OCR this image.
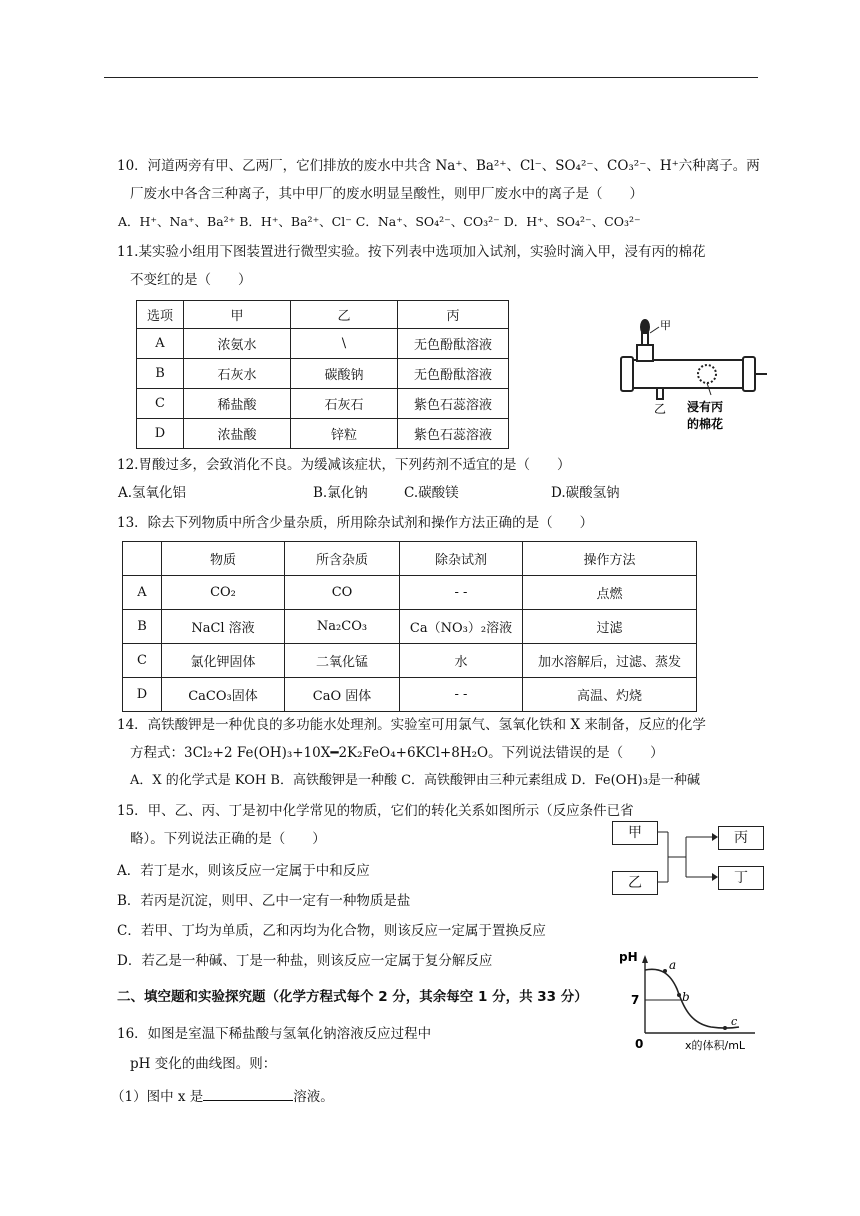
10．河道两旁有甲、乙两厂，它们排放的废水中共含 Na⁺、Ba²⁺、Cl⁻、SO₄²⁻、CO₃²⁻、H⁺六种离子。两
厂废水中各含三种离子，其中甲厂的废水明显呈酸性，则甲厂废水中的离子是（　　）
A．H⁺、Na⁺、Ba²⁺ B．H⁺、Ba²⁺、Cl⁻ C．Na⁺、SO₄²⁻、CO₃²⁻ D．H⁺、SO₄²⁻、CO₃²⁻
11.某实验小组用下图装置进行微型实验。按下列表中选项加入试剂，实验时滴入甲，浸有丙的棉花
不变红的是（　　）
选项	甲	乙	丙
A	浓氨水	\	无色酚酞溶液
B	石灰水	碳酸钠	无色酚酞溶液
C	稀盐酸	石灰石	紫色石蕊溶液
D	浓盐酸	锌粒	紫色石蕊溶液
甲
乙 浸有丙
的棉花
12.胃酸过多，会致消化不良。为缓减该症状，下列药剂不适宜的是（　　）
A.氢氧化铝	B.氯化钠	C.碳酸镁	D.碳酸氢钠
13．除去下列物质中所含少量杂质，所用除杂试剂和操作方法正确的是（　　）
	物质	所含杂质	除杂试剂	操作方法
A	CO₂	CO	- -	点燃
B	NaCl 溶液	Na₂CO₃	Ca（NO₃）₂溶液	过滤
C	氯化钾固体	二氧化锰	水	加水溶解后，过滤、蒸发
D	CaCO₃固体	CaO 固体	- -	高温、灼烧
14．高铁酸钾是一种优良的多功能水处理剂。实验室可用氯气、氢氧化铁和 X 来制备，反应的化学
方程式：3Cl₂+2 Fe(OH)₃+10X━2K₂FeO₄+6KCl+8H₂O。下列说法错误的是（　　）
A．X 的化学式是 KOH B．高铁酸钾是一种酸 C．高铁酸钾由三种元素组成 D．Fe(OH)₃是一种碱
15．甲、乙、丙、丁是初中化学常见的物质，它们的转化关系如图所示（反应条件已省
略）。下列说法正确的是（　　）
A．若丁是水，则该反应一定属于中和反应
B．若丙是沉淀，则甲、乙中一定有一种物质是盐
C．若甲、丁均为单质，乙和丙均为化合物，则该反应一定属于置换反应
D．若乙是一种碱、丁是一种盐，则该反应一定属于复分解反应
甲
乙
丙
丁
二、填空题和实验探究题（化学方程式每个 2 分，其余每空 1 分，共 33 分）
16．如图是室温下稀盐酸与氢氧化钠溶液反应过程中
pH 变化的曲线图。则：
（1）图中 x 是	溶液。
pH
7
0
a
b
c
x的体积/mL
